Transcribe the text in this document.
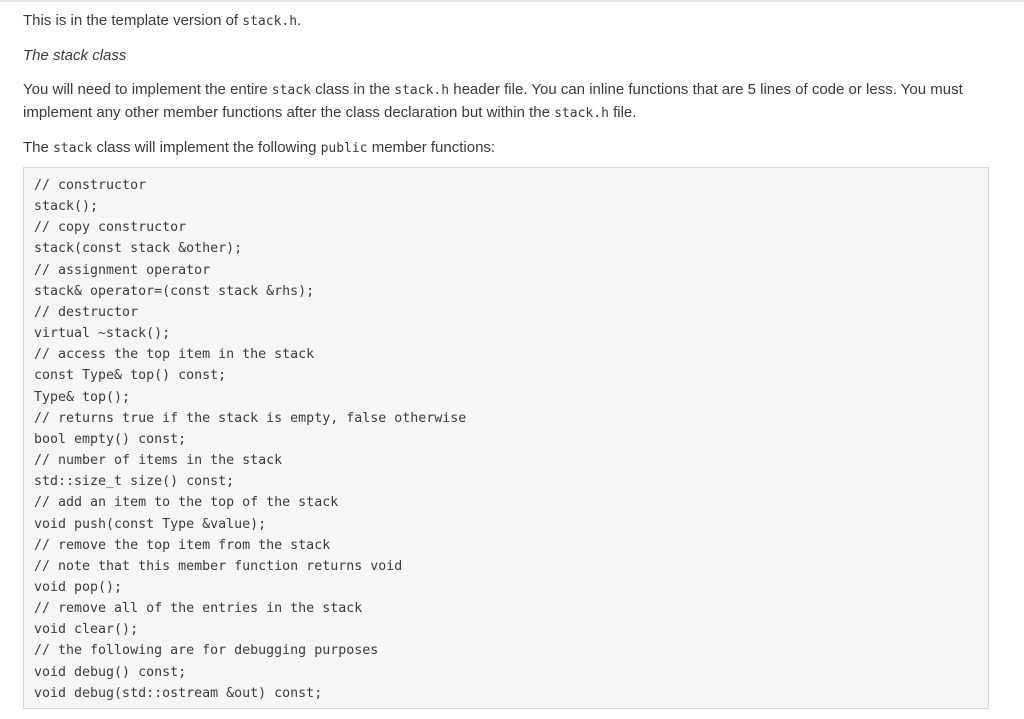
This is in the template version of stack.h.

The stack class

You will need to implement the entire stack class in the stack.h header file. You can inline functions that are 5 lines of code or less. You must implement any other member functions after the class declaration but within the stack.h file.

The stack class will implement the following public member functions:

// constructor
stack();
// copy constructor
stack(const stack &other);
// assignment operator
stack& operator=(const stack &rhs);
// destructor
virtual ~stack();
// access the top item in the stack
const Type& top() const;
Type& top();
// returns true if the stack is empty, false otherwise
bool empty() const;
// number of items in the stack
std::size_t size() const;
// add an item to the top of the stack
void push(const Type &value);
// remove the top item from the stack
// note that this member function returns void
void pop();
// remove all of the entries in the stack
void clear();
// the following are for debugging purposes
void debug() const;
void debug(std::ostream &out) const;
